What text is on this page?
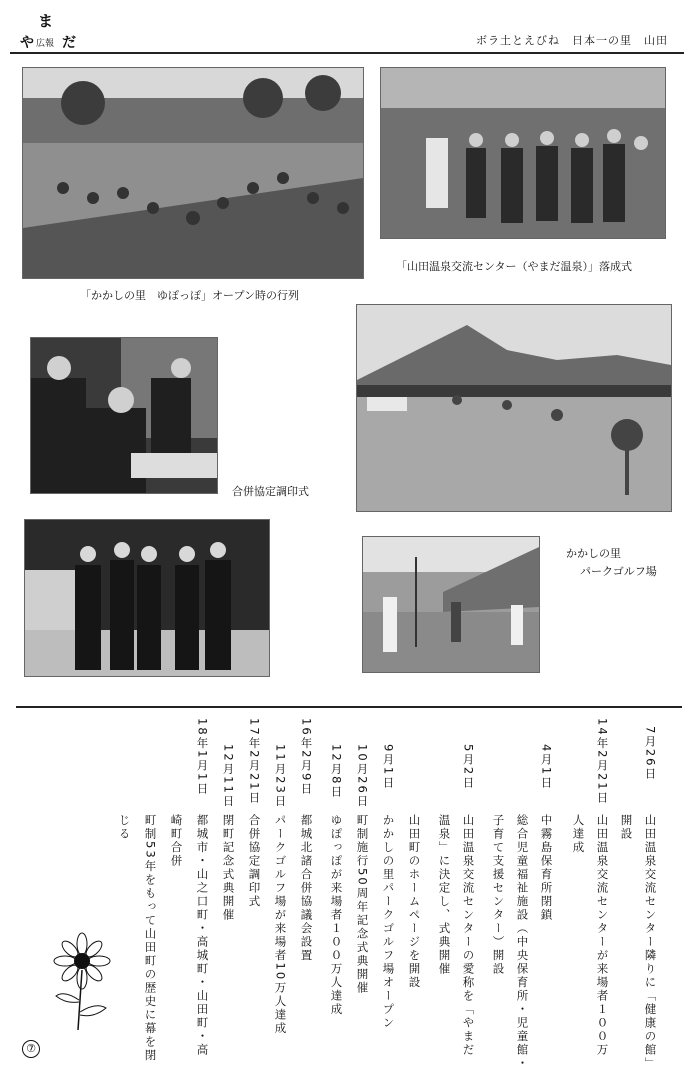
ま
や 広報 だ	ボラ土とえびね　日本一の里　山田
「かかしの里　ゆぽっぽ」オープン時の行列
「山田温泉交流センター（やまだ温泉）」落成式
合併協定調印式
かかしの里
パークゴルフ場
7月26日
山田温泉交流センター隣りに「健康の館」
開設
14年2月21日
山田温泉交流センターが来場者１００万
人達成
4月1日
中霧島保育所閉鎖
総合児童福祉施設（中央保育所・児童館・
子育て支援センター）開設
5月2日
山田温泉交流センターの愛称を「やまだ
温泉」に決定し、式典開催
9月1日
山田町のホームページを開設
かかしの里パークゴルフ場オープン
10月26日
町制施行50周年記念式典開催
12月8日
ゆぽっぽが来場者１００万人達成
16年2月9日
都城北諸合併協議会設置
11月23日
パークゴルフ場が来場者10万人達成
17年2月21日
合併協定調印式
12月11日
閉町記念式典開催
18年1月1日
都城市・山之口町・高城町・山田町・高
崎町合併
町制53年をもって山田町の歴史に幕を閉
じる
⑦
